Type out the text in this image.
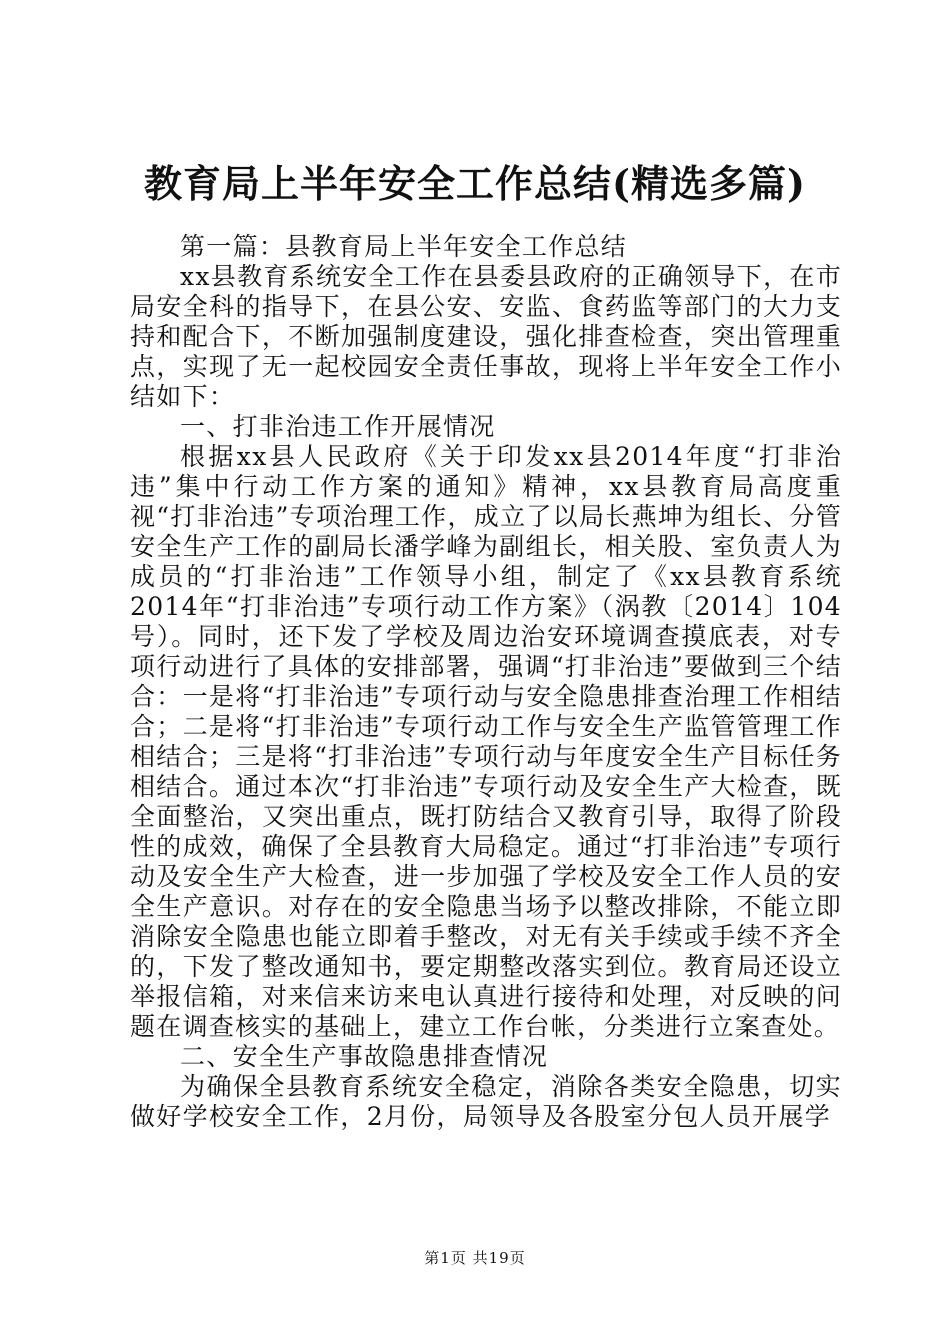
教育局上半年安全工作总结(精选多篇)

第一篇：县教育局上半年安全工作总结

xx县教育系统安全工作在县委县政府的正确领导下，在市局安全科的指导下，在县公安、安监、食药监等部门的大力支持和配合下，不断加强制度建设，强化排查检查，突出管理重点，实现了无一起校园安全责任事故，现将上半年安全工作小结如下：

一、打非治违工作开展情况

根据xx县人民政府《关于印发xx县2014年度“打非治违”集中行动工作方案的通知》精神，xx县教育局高度重视“打非治违”专项治理工作，成立了以局长燕坤为组长、分管安全生产工作的副局长潘学峰为副组长，相关股、室负责人为成员的“打非治违”工作领导小组，制定了《xx县教育系统2014年“打非治违”专项行动工作方案》（涡教〔2014〕104号）。同时，还下发了学校及周边治安环境调查摸底表，对专项行动进行了具体的安排部署，强调“打非治违”要做到三个结合：一是将“打非治违”专项行动与安全隐患排查治理工作相结合；二是将“打非治违”专项行动工作与安全生产监管管理工作相结合；三是将“打非治违”专项行动与年度安全生产目标任务相结合。通过本次“打非治违”专项行动及安全生产大检查，既全面整治，又突出重点，既打防结合又教育引导，取得了阶段性的成效，确保了全县教育大局稳定。通过“打非治违”专项行动及安全生产大检查，进一步加强了学校及安全工作人员的安全生产意识。对存在的安全隐患当场予以整改排除，不能立即消除安全隐患也能立即着手整改，对无有关手续或手续不齐全的，下发了整改通知书，要定期整改落实到位。教育局还设立举报信箱，对来信来访来电认真进行接待和处理，对反映的问题在调查核实的基础上，建立工作台帐，分类进行立案查处。

二、安全生产事故隐患排查情况

为确保全县教育系统安全稳定，消除各类安全隐患，切实做好学校安全工作，2月份，局领导及各股室分包人员开展学

第1页 共19页
